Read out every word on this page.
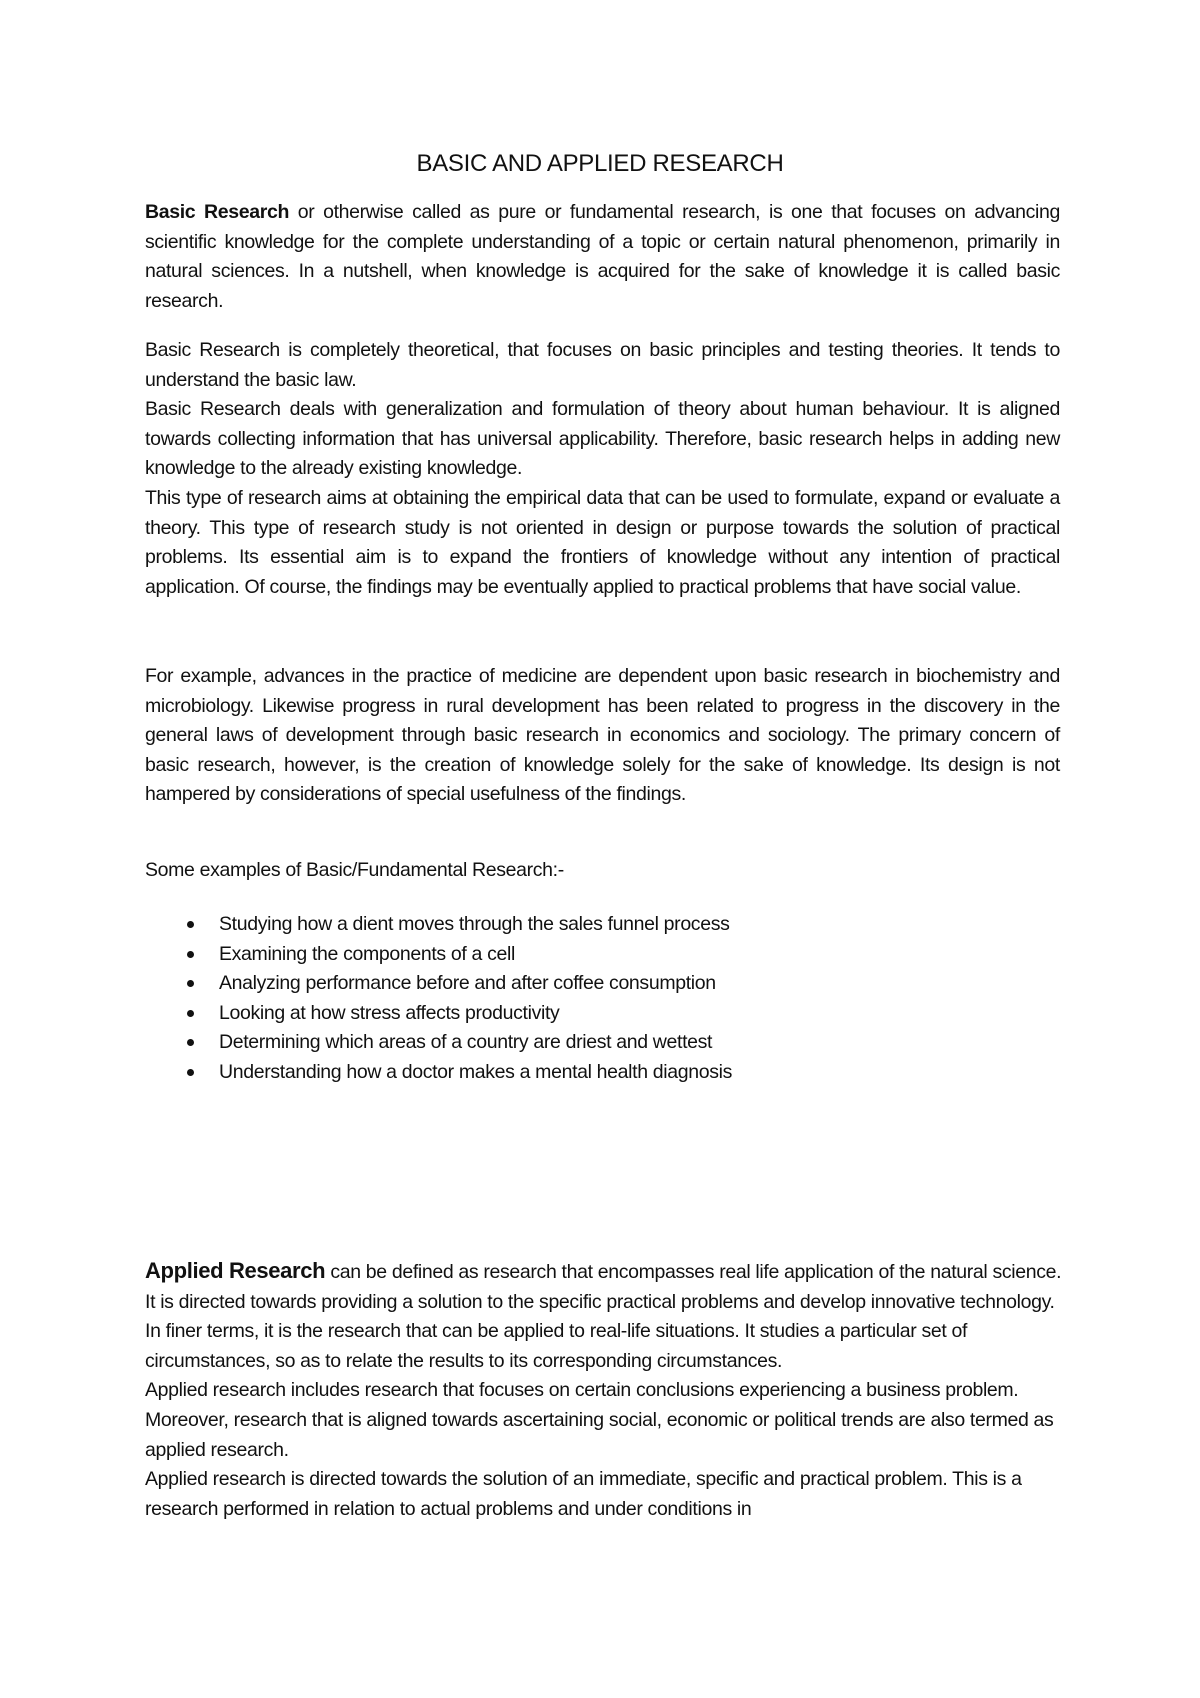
BASIC AND APPLIED RESEARCH

Basic Research or otherwise called as pure or fundamental research, is one that focuses on advancing scientific knowledge for the complete understanding of a topic or certain natural phenomenon, primarily in natural sciences. In a nutshell, when knowledge is acquired for the sake of knowledge it is called basic research.

Basic Research is completely theoretical, that focuses on basic principles and testing theories. It tends to understand the basic law.

Basic Research deals with generalization and formulation of theory about human behaviour. It is aligned towards collecting information that has universal applicability. Therefore, basic research helps in adding new knowledge to the already existing knowledge.

This type of research aims at obtaining the empirical data that can be used to formulate, expand or evaluate a theory. This type of research study is not oriented in design or purpose towards the solution of practical problems. Its essential aim is to expand the frontiers of knowledge without any intention of practical application. Of course, the findings may be eventually applied to practical problems that have social value.

For example, advances in the practice of medicine are dependent upon basic research in biochemistry and microbiology. Likewise progress in rural development has been related to progress in the discovery in the general laws of development through basic research in economics and sociology. The primary concern of basic research, however, is the creation of knowledge solely for the sake of knowledge. Its design is not hampered by considerations of special usefulness of the findings.

Some examples of Basic/Fundamental Research:-

Studying how a dient moves through the sales funnel process
Examining the components of a cell
Analyzing performance before and after coffee consumption
Looking at how stress affects productivity
Determining which areas of a country are driest and wettest
Understanding how a doctor makes a mental health diagnosis

Applied Research can be defined as research that encompasses real life application of the natural science. It is directed towards providing a solution to the specific practical problems and develop innovative technology. In finer terms, it is the research that can be applied to real-life situations. It studies a particular set of circumstances, so as to relate the results to its corresponding circumstances.

Applied research includes research that focuses on certain conclusions experiencing a business problem. Moreover, research that is aligned towards ascertaining social, economic or political trends are also termed as applied research.

Applied research is directed towards the solution of an immediate, specific and practical problem. This is a research performed in relation to actual problems and under conditions in
